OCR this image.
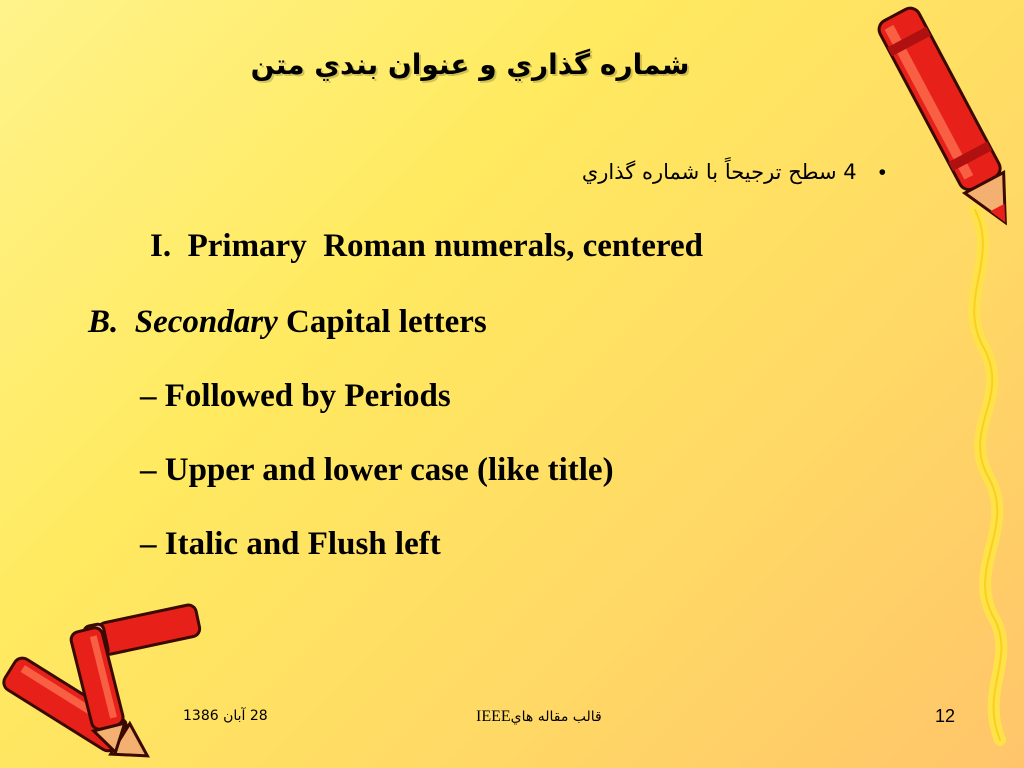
شماره گذاري و عنوان بندي متن
•4 سطح ترجيحاً با شماره گذاري
I. Primary Roman numerals, centered
B. Secondary Capital letters
– Followed by Periods
– Upper and lower case (like title)
– Italic and Flush left
28 آبان 1386	قالب مقاله هايIEEE	12
